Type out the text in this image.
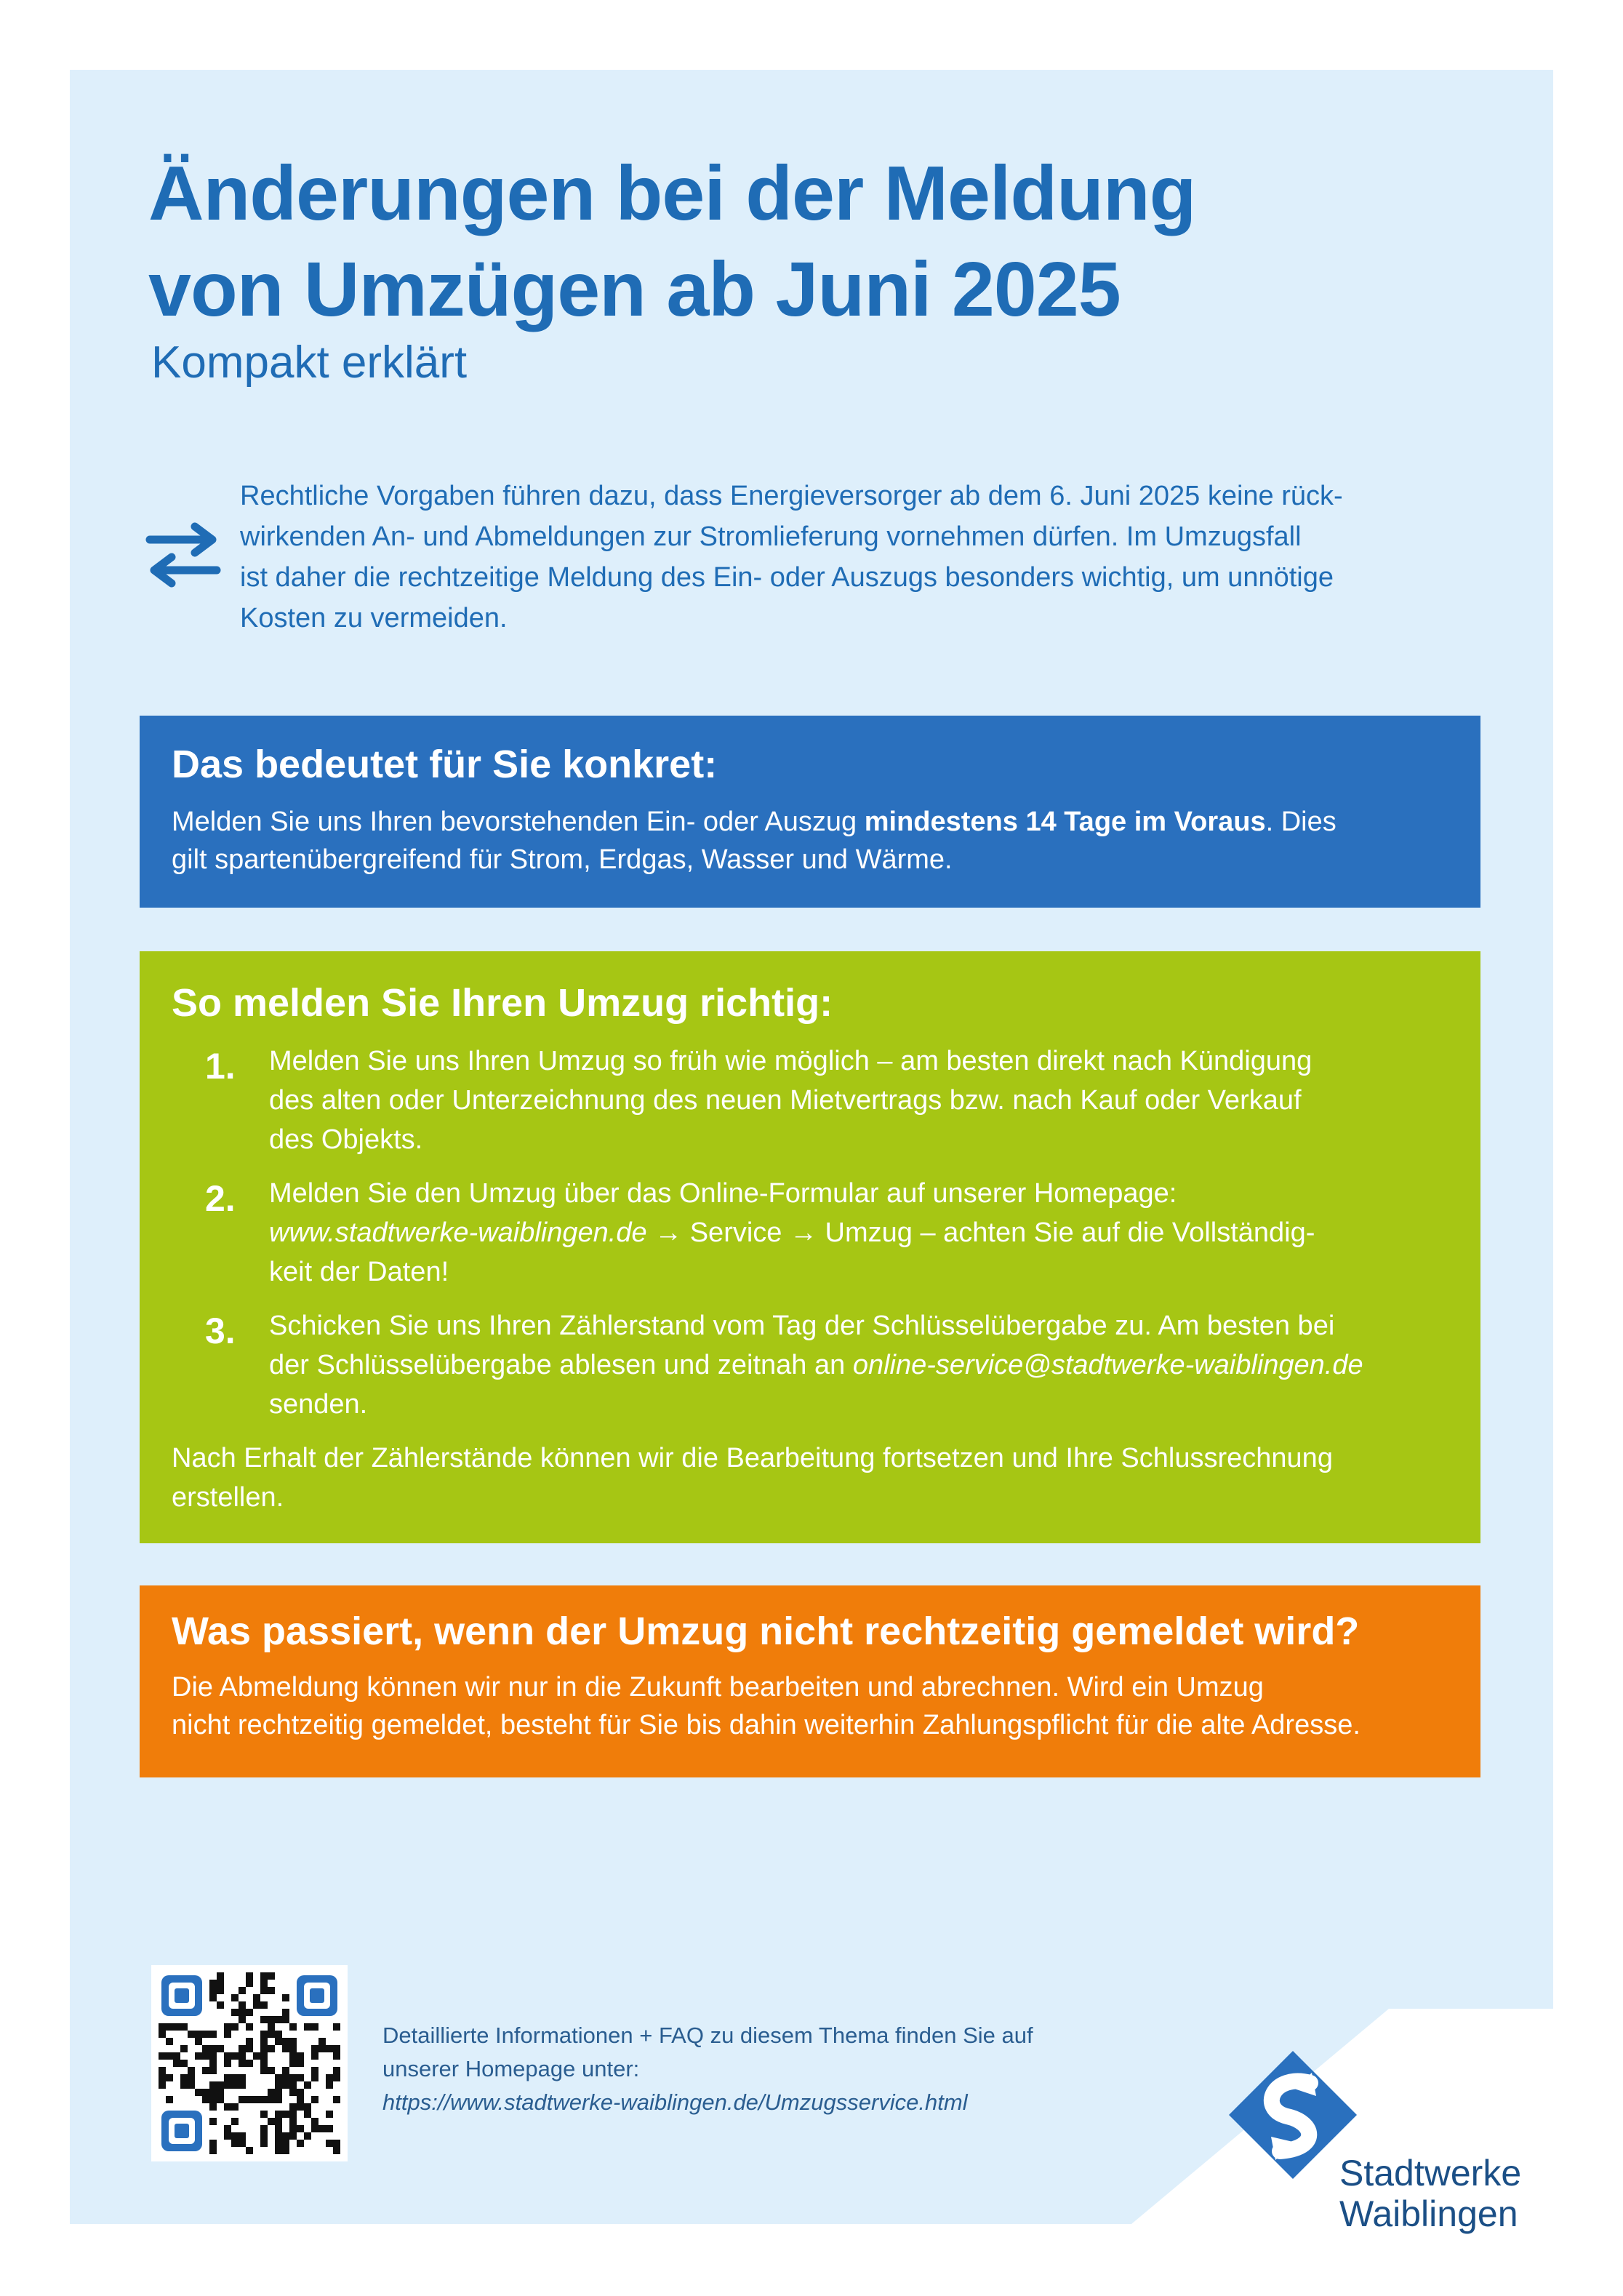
Änderungen bei der Meldung
von Umzügen ab Juni 2025

Kompakt erklärt

Rechtliche Vorgaben führen dazu, dass Energieversorger ab dem 6. Juni 2025 keine rück-
wirkenden An- und Abmeldungen zur Stromlieferung vornehmen dürfen. Im Umzugsfall
ist daher die rechtzeitige Meldung des Ein- oder Auszugs besonders wichtig, um unnötige
Kosten zu vermeiden.

Das bedeutet für Sie konkret:

Melden Sie uns Ihren bevorstehenden Ein- oder Auszug mindestens 14 Tage im Voraus. Dies
gilt spartenübergreifend für Strom, Erdgas, Wasser und Wärme.

So melden Sie Ihren Umzug richtig:
1. Melden Sie uns Ihren Umzug so früh wie möglich – am besten direkt nach Kündigung
des alten oder Unterzeichnung des neuen Mietvertrags bzw. nach Kauf oder Verkauf
des Objekts.
2. Melden Sie den Umzug über das Online-Formular auf unserer Homepage:
www.stadtwerke-waiblingen.de → Service → Umzug – achten Sie auf die Vollständig-
keit der Daten!
3. Schicken Sie uns Ihren Zählerstand vom Tag der Schlüsselübergabe zu. Am besten bei
der Schlüsselübergabe ablesen und zeitnah an online-service@stadtwerke-waiblingen.de
senden.

Nach Erhalt der Zählerstände können wir die Bearbeitung fortsetzen und Ihre Schlussrechnung
erstellen.

Was passiert, wenn der Umzug nicht rechtzeitig gemeldet wird?

Die Abmeldung können wir nur in die Zukunft bearbeiten und abrechnen. Wird ein Umzug
nicht rechtzeitig gemeldet, besteht für Sie bis dahin weiterhin Zahlungspflicht für die alte Adresse.

Detaillierte Informationen + FAQ zu diesem Thema finden Sie auf
unserer Homepage unter:

https://www.stadtwerke-waiblingen.de/Umzugsservice.html

Stadtwerke
Waiblingen
